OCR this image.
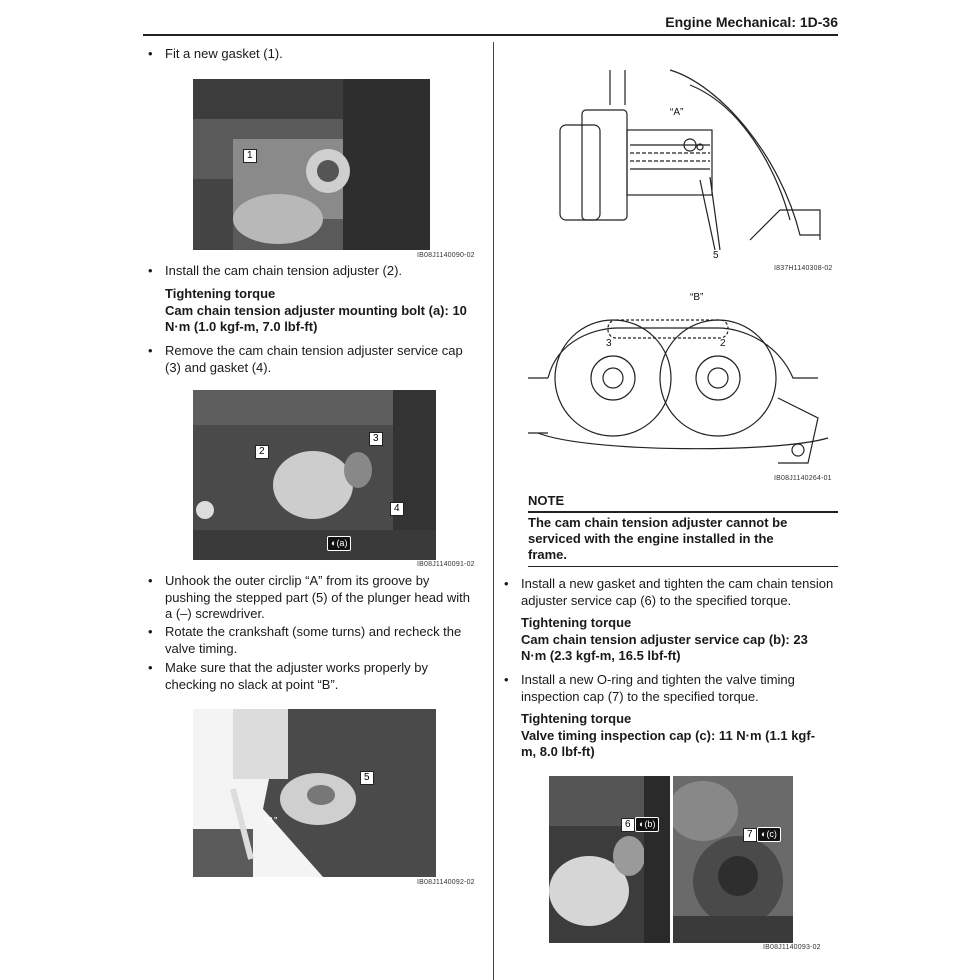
Engine Mechanical: 1D-36
• Fit a new gasket (1).
1
IB08J1140090-02
• Install the cam chain tension adjuster (2).
Tightening torque
Cam chain tension adjuster mounting bolt (a): 10
N·m (1.0 kgf-m, 7.0 lbf-ft)
• Remove the cam chain tension adjuster service cap
(3) and gasket (4).
2
3
4
◐(a)
IB08J1140091-02
• Unhook the outer circlip “A” from its groove by
pushing the stepped part (5) of the plunger head with
a (–) screwdriver.
• Rotate the crankshaft (some turns) and recheck the
valve timing.
• Make sure that the adjuster works properly by
checking no slack at point “B”.
5
“A”
IB08J1140092-02
“A”
5
I837H1140308-02
“B”
2
3
IB08J1140264-01
NOTE
The cam chain tension adjuster cannot be
serviced with the engine installed in the
frame.
• Install a new gasket and tighten the cam chain tension
adjuster service cap (6) to the specified torque.
Tightening torque
Cam chain tension adjuster service cap (b): 23
N·m (2.3 kgf-m, 16.5 lbf-ft)
• Install a new O-ring and tighten the valve timing
inspection cap (7) to the specified torque.
Tightening torque
Valve timing inspection cap (c): 11 N·m (1.1 kgf-
m, 8.0 lbf-ft)
6 ◐(b)
7 ◐(c)
IB08J1140093-02
